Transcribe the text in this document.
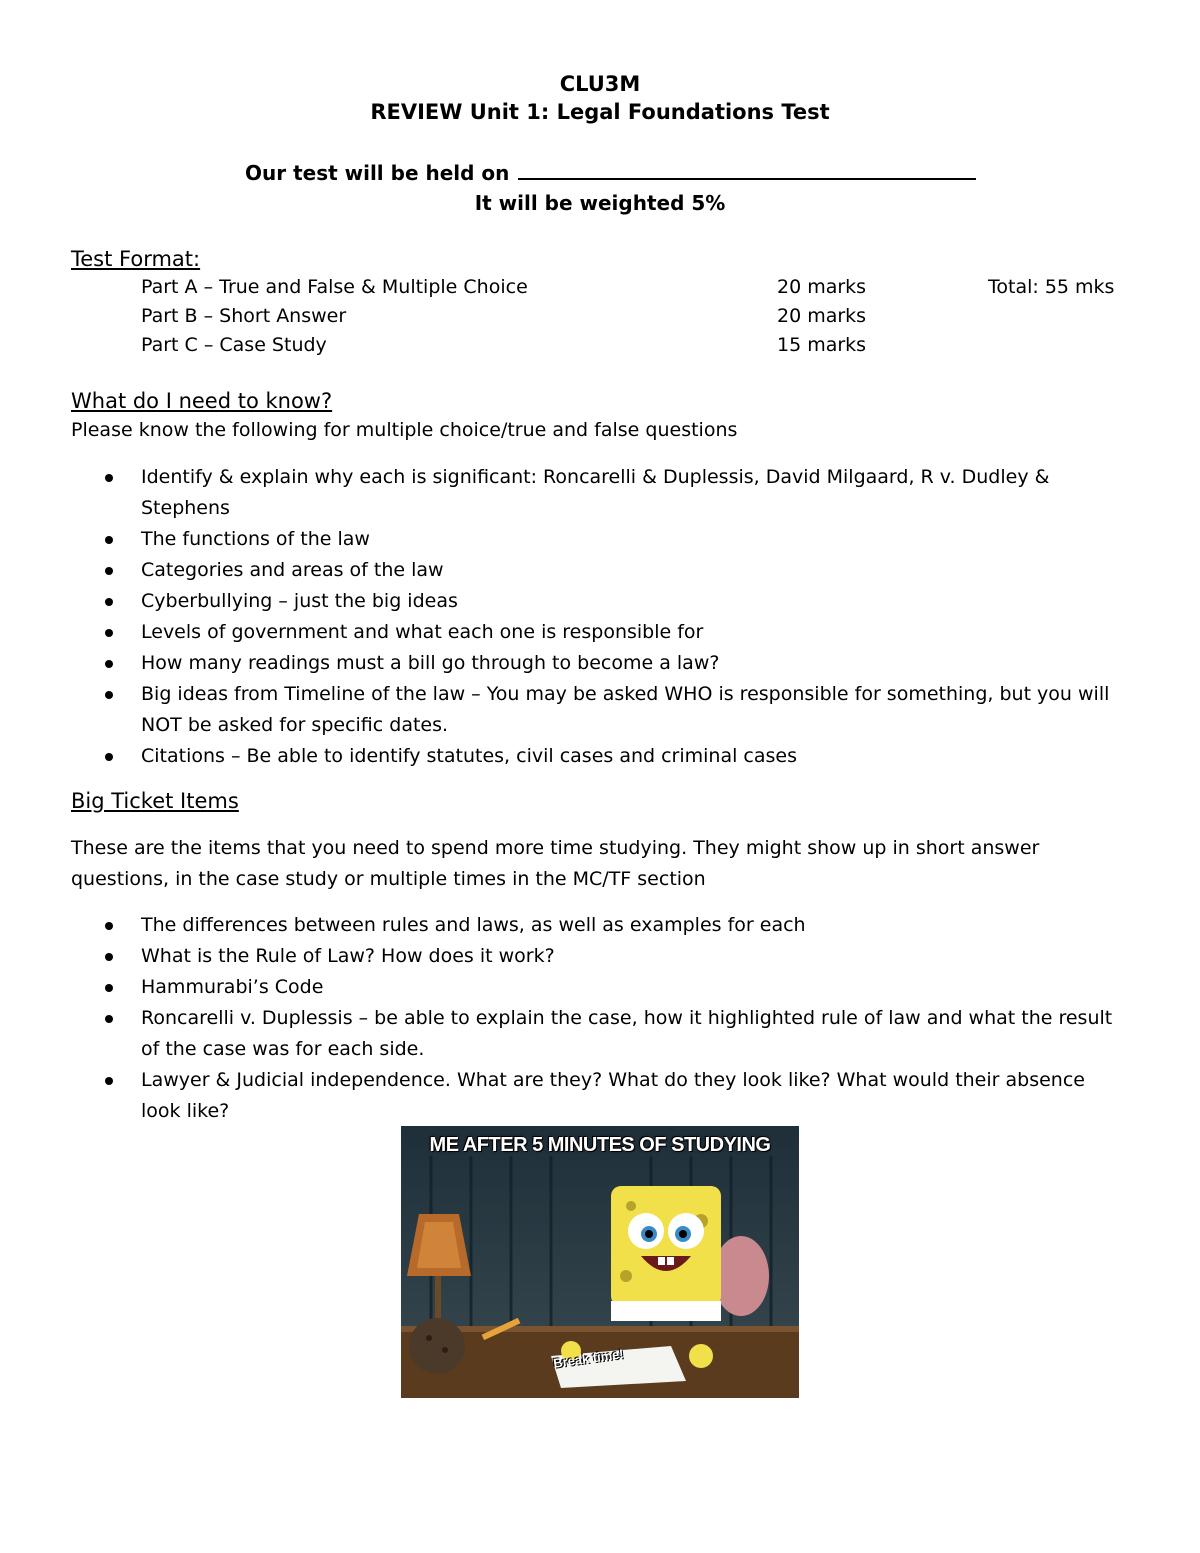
CLU3M
REVIEW Unit 1: Legal Foundations Test
Our test will be held on
It will be weighted 5%
Test Format:
Part A – True and False & Multiple Choice	20 marks	Total: 55 mks
Part B – Short Answer	20 marks
Part C – Case Study	15 marks
What do I need to know?
Please know the following for multiple choice/true and false questions
Identify & explain why each is significant: Roncarelli & Duplessis, David Milgaard, R v. Dudley & Stephens
The functions of the law
Categories and areas of the law
Cyberbullying – just the big ideas
Levels of government and what each one is responsible for
How many readings must a bill go through to become a law?
Big ideas from Timeline of the law – You may be asked WHO is responsible for something, but you will NOT be asked for specific dates.
Citations – Be able to identify statutes, civil cases and criminal cases
Big Ticket Items
These are the items that you need to spend more time studying. They might show up in short answer questions, in the case study or multiple times in the MC/TF section
The differences between rules and laws, as well as examples for each
What is the Rule of Law? How does it work?
Hammurabi’s Code
Roncarelli v. Duplessis – be able to explain the case, how it highlighted rule of law and what the result of the case was for each side.
Lawyer & Judicial independence. What are they? What do they look like? What would their absence look like?
ME AFTER 5 MINUTES OF STUDYING
Break time!
